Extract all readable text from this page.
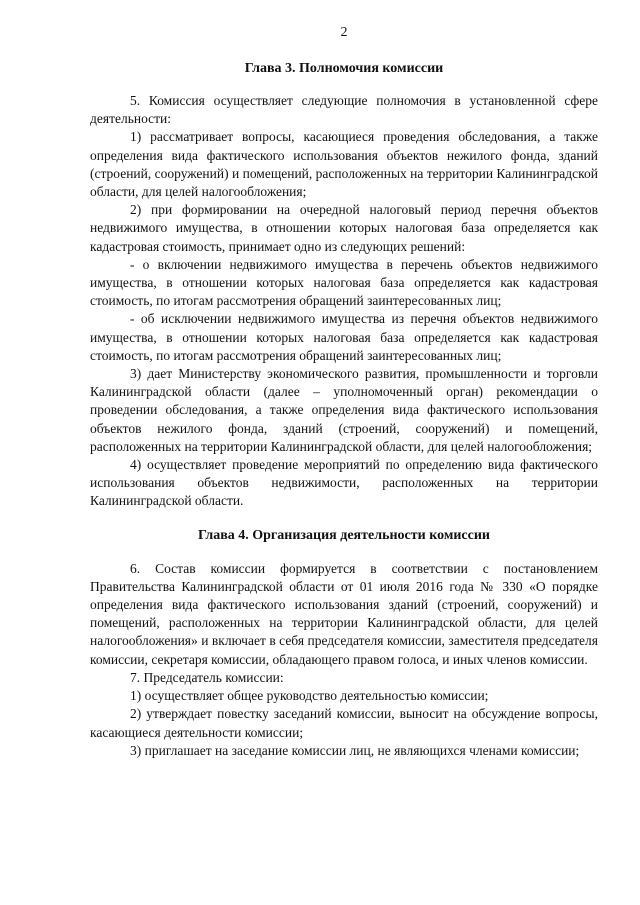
2
Глава 3. Полномочия комиссии

5. Комиссия осуществляет следующие полномочия в установленной сфере деятельности:

1) рассматривает вопросы, касающиеся проведения обследования, а также определения вида фактического использования объектов нежилого фонда, зданий (строений, сооружений) и помещений, расположенных на территории Калининградской области, для целей налогообложения;

2) при формировании на очередной налоговый период перечня объектов недвижимого имущества, в отношении которых налоговая база определяется как кадастровая стоимость, принимает одно из следующих решений:

- о включении недвижимого имущества в перечень объектов недвижимого имущества, в отношении которых налоговая база определяется как кадастровая стоимость, по итогам рассмотрения обращений заинтересованных лиц;

- об исключении недвижимого имущества из перечня объектов недвижимого имущества, в отношении которых налоговая база определяется как кадастровая стоимость, по итогам рассмотрения обращений заинтересованных лиц;

3) дает Министерству экономического развития, промышленности и торговли Калининградской области (далее – уполномоченный орган) рекомендации о проведении обследования, а также определения вида фактического использования объектов нежилого фонда, зданий (строений, сооружений) и помещений, расположенных на территории Калининградской области, для целей налогообложения;

4) осуществляет проведение мероприятий по определению вида фактического использования объектов недвижимости, расположенных на территории Калининградской области.

Глава 4. Организация деятельности комиссии

6. Состав комиссии формируется в соответствии с постановлением Правительства Калининградской области от 01 июля 2016 года № 330 «О порядке определения вида фактического использования зданий (строений, сооружений) и помещений, расположенных на территории Калининградской области, для целей налогообложения» и включает в себя председателя комиссии, заместителя председателя комиссии, секретаря комиссии, обладающего правом голоса, и иных членов комиссии.

7. Председатель комиссии:

1) осуществляет общее руководство деятельностью комиссии;

2) утверждает повестку заседаний комиссии, выносит на обсуждение вопросы, касающиеся деятельности комиссии;

3) приглашает на заседание комиссии лиц, не являющихся членами комиссии;
